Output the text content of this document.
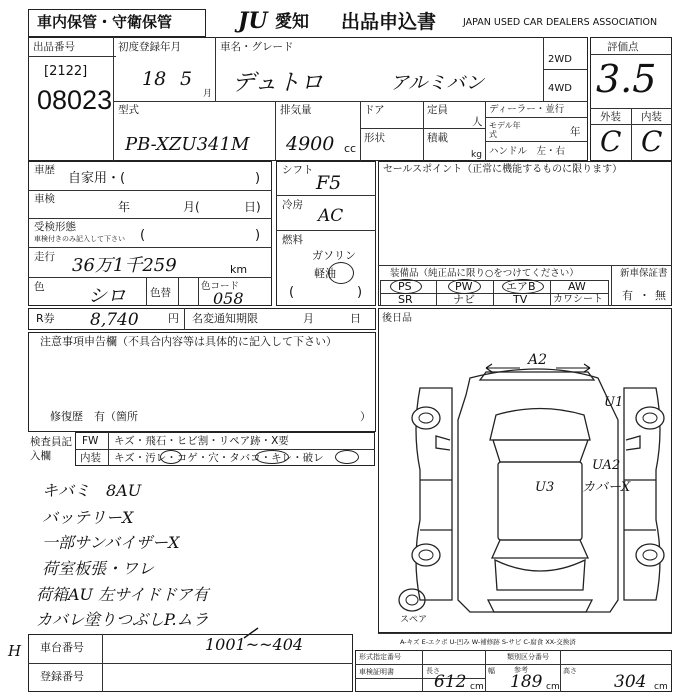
車内保管・守衛保管	JU 愛知 出品申込書	JAPAN USED CAR DEALERS ASSOCIATION
出品番号
[2122]
08023
初度登録年月
18 5
月
車名・グレード
デュトロ	アルミバン
2WD
4WD
型式
PB-XZU341M
排気量
4900 cc
ドア
形状
定員
人
積載
kg
ディーラー・並行
モデル年式	年
ハンドル　左・右
評価点
3.5
外装 内装
C C
車歴
自家用・(	)
車検
年	月(	日)
受検形態
車検付きのみ記入して下さい (	)
走行 36万1千259	km
色 シロ 色替
色コード
058
シフト
F5
冷房
AC
燃料
ガソリン
軽油
(	)
セールスポイント（正常に機能するものに限ります）
装備品（純正品に限り○をつけてください）
PS	PW	エアB	AW
SR	ナビ	TV	カワシート
新車保証書
有 ・ 無
R券 8,740	円 名変通知期限	月	日
注意事項申告欄（不具合内容等は具体的に記入して下さい）
修復歴　有（箇所	）
後日品
検査員記入欄
FW キズ・飛石・ヒビ割・リペア跡・X要
内装 キズ・汚レ・コゲ・穴・タバコ・キレ・破レ
キバミ　8AU
バッテリーX
一部サンバイザーX
荷室板張・ワレ
荷箱AU 左サイドドア有
カバレ塗りつぶしP.ムラ
A2
U1
UA2
U3 カバーX
スペア
A-キズ E-エクボ U-凹み W-補修跡 S-サビ C-腐食 XX-交換済
車台番号	1001~~404
登録番号
H	形式指定番号	類別区分番号
参考
車検証明書	長さ	幅	高さ
612 cm 189 cm	304 cm
